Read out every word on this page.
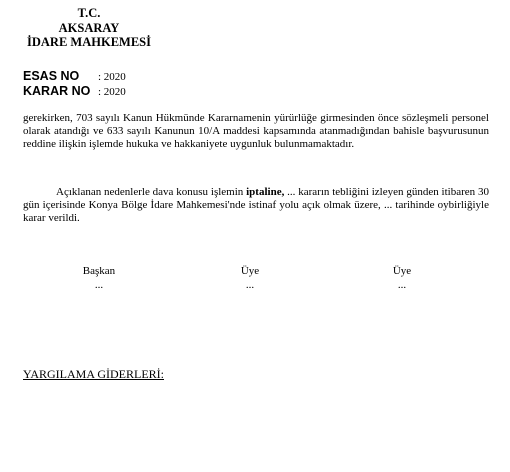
T.C.
AKSARAY
İDARE MAHKEMESİ
ESAS NO : 2020
KARAR NO : 2020

gerekirken, 703 sayılı Kanun Hükmünde Kararnamenin yürürlüğe girmesinden önce sözleşmeli personel olarak atandığı ve 633 sayılı Kanunun 10/A maddesi kapsamında atanmadığından bahisle başvurusunun reddine ilişkin işlemde hukuka ve hakkaniyete uygunluk bulunmamaktadır.

Açıklanan nedenlerle dava konusu işlemin iptaline, ... kararın tebliğini izleyen günden itibaren 30 gün içerisinde Konya Bölge İdare Mahkemesi'nde istinaf yolu açık olmak üzere, ... tarihinde oybirliğiyle karar verildi.

Başkan
...
Üye
...
Üye
...
YARGILAMA GİDERLERİ:
